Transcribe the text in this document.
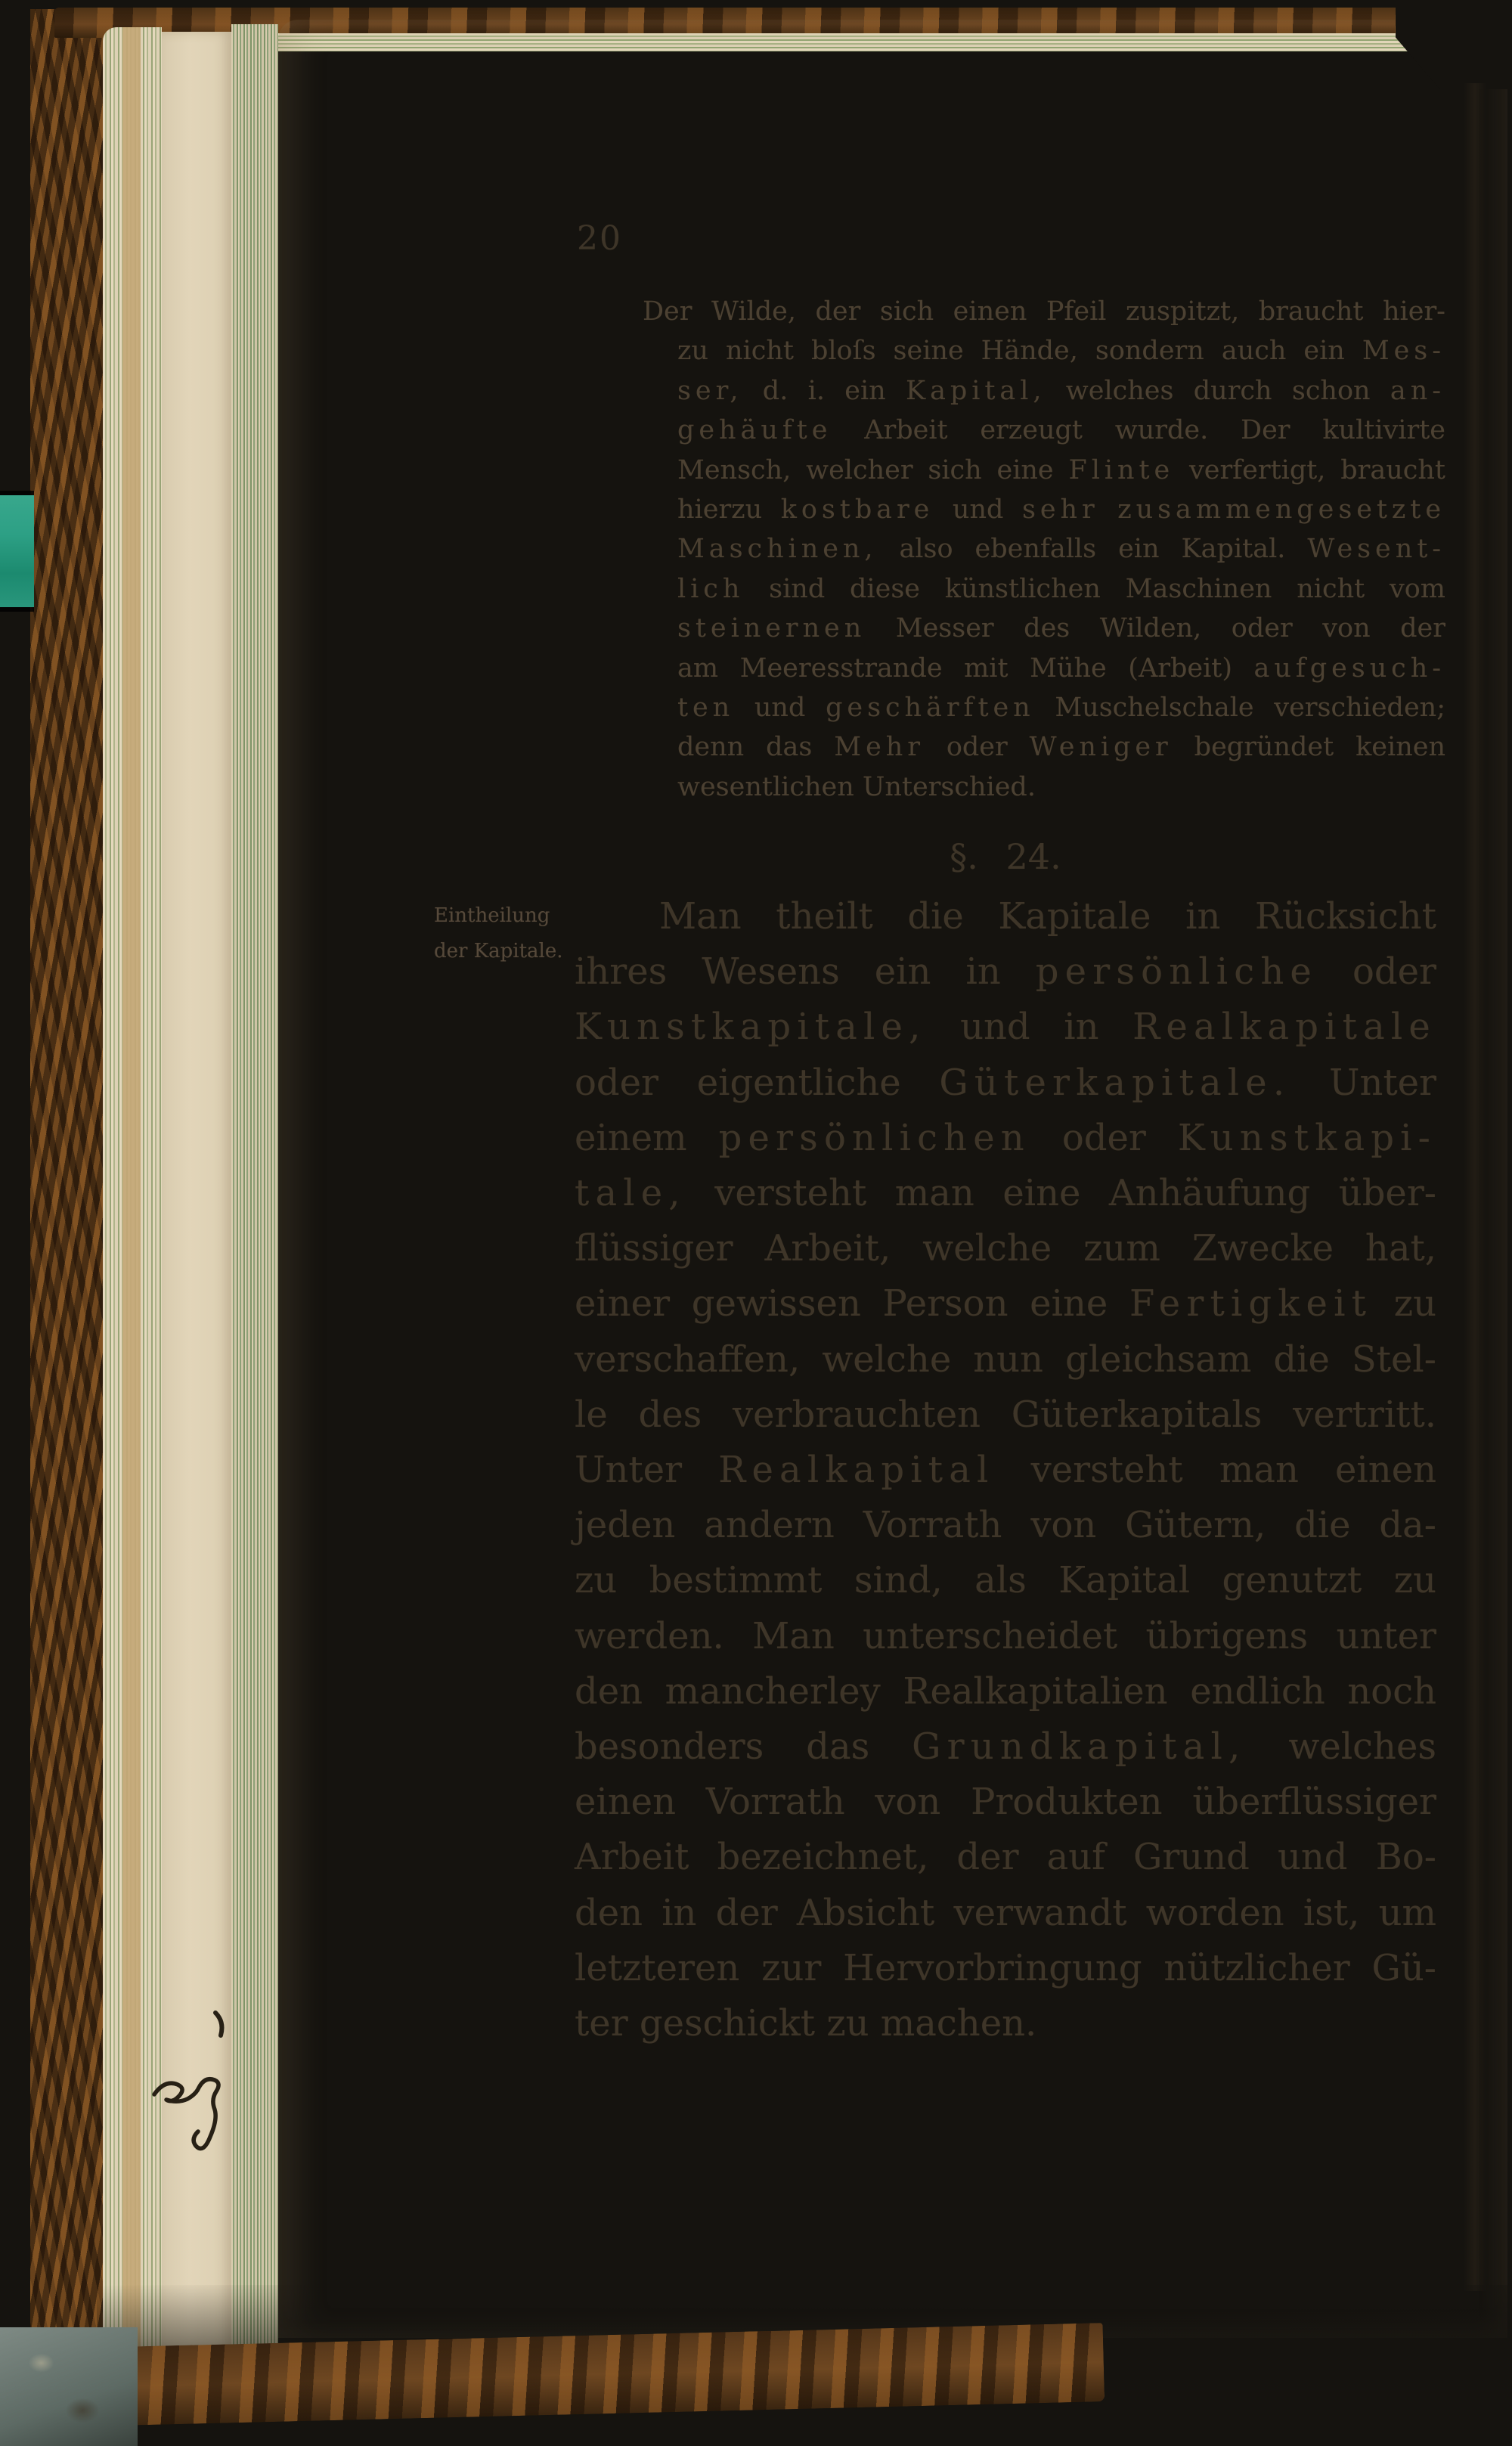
20
Der Wilde, der sich einen Pfeil zuspitzt, braucht hier-
zu nicht bloſs seine Hände, sondern auch ein Mes-
ser, d. i. ein Kapital, welches durch schon an-
gehäufte Arbeit erzeugt wurde. Der kultivirte
Mensch, welcher sich eine Flinte verfertigt, braucht
hierzu kostbare und sehr zusammengesetzte
Maschinen, also ebenfalls ein Kapital. Wesent-
lich sind diese künstlichen Maschinen nicht vom
steinernen Messer des Wilden, oder von der
am Meeresstrande mit Mühe (Arbeit) aufgesuch-
ten und geschärften Muschelschale verschieden;
denn das Mehr oder Weniger begründet keinen
wesentlichen Unterschied.
§. 24.
Eintheilung
der Kapitale.
Man theilt die Kapitale in Rücksicht
ihres Wesens ein in persönliche oder
Kunstkapitale, und in Realkapitale
oder eigentliche Güterkapitale. Unter
einem persönlichen oder Kunstkapi-
tale, versteht man eine Anhäufung über-
flüssiger Arbeit, welche zum Zwecke hat,
einer gewissen Person eine Fertigkeit zu
verschaffen, welche nun gleichsam die Stel-
le des verbrauchten Güterkapitals vertritt.
Unter Realkapital versteht man einen
jeden andern Vorrath von Gütern, die da-
zu bestimmt sind, als Kapital genutzt zu
werden. Man unterscheidet übrigens unter
den mancherley Realkapitalien endlich noch
besonders das Grundkapital, welches
einen Vorrath von Produkten überflüssiger
Arbeit bezeichnet, der auf Grund und Bo-
den in der Absicht verwandt worden ist, um
letzteren zur Hervorbringung nützlicher Gü-
ter geschickt zu machen.
